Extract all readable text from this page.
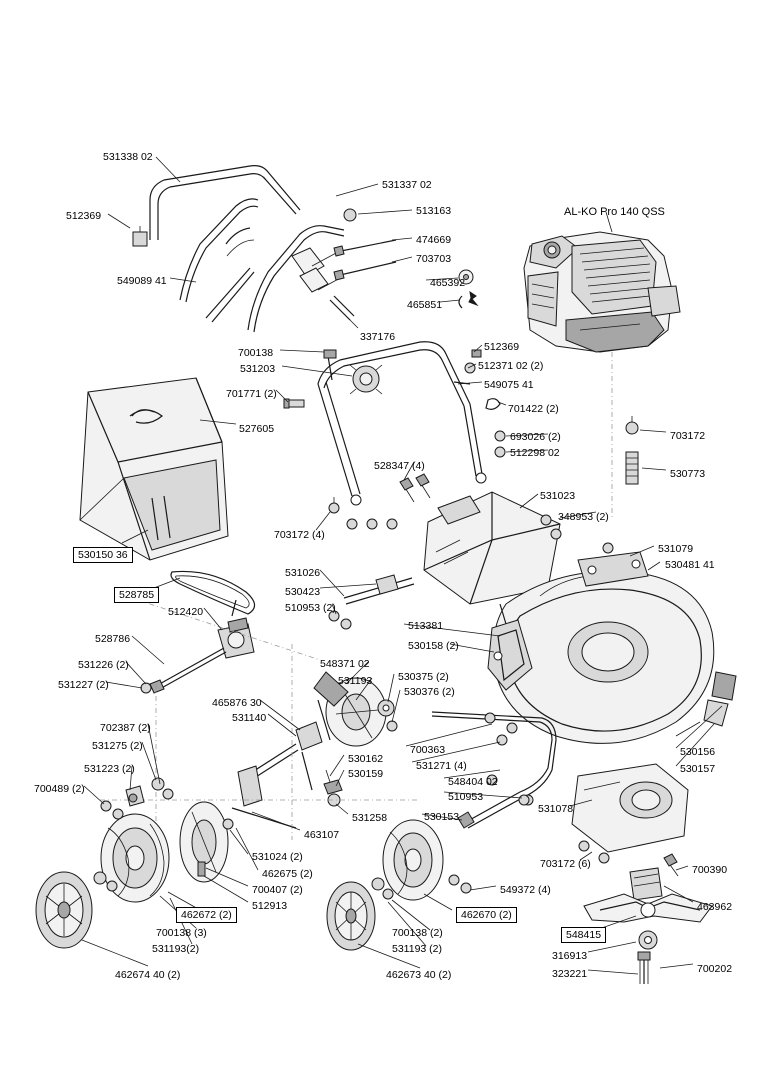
AL-KO Pro 140 QSS
531338 02
531337 02
512369	513163
474669
703703
465392
465851
549089 41
337176
700138
531203
701771 (2)
527605
512369
512371 02 (2)
549075 41
701422 (2)
693026 (2)
512298 02
703172
530773
531023
348953 (2)
528347 (4)
703172 (4)
531079
530481 41
530150 36
528785
512420
531026
530423
510953 (2)
513381
530158 (2)
528786
531226 (2)
531227 (2)
548371 02
531193 530375 (2)
530376 (2)
465876 30
531140
702387 (2)
531275 (2)
531223 (2)
700489 (2)
700363
531271 (4)
548404 02
510953
530156
530157
530159
530162
531258	530153
531078
703172 (6)	700390
463107
531024 (2)
462675 (2)
700407 (2)
512913
462672 (2)
700138 (3)
531193(2)
462674 40 (2)
462670 (2)
700138 (2)
531193 (2)
462673 40 (2)
549372 (4)
463962
548415
316913
323221	700202
